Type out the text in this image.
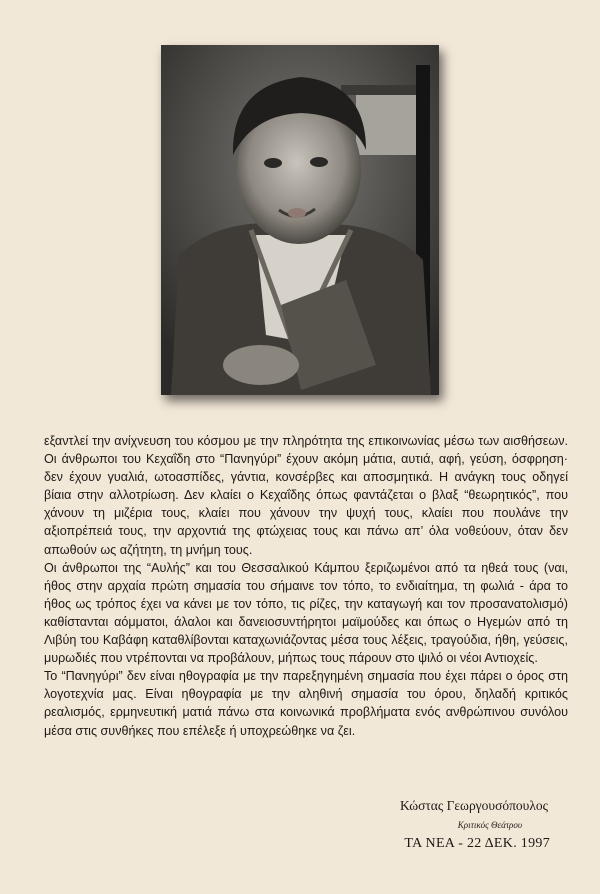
εξαντλεί την ανίχνευση του κόσμου με την πληρότητα της επικοινωνίας μέσω των αισθήσεων. Οι άνθρωποι του Κεχαΐδη στο “Πανηγύρι” έχουν ακόμη μάτια, αυτιά, αφή, γεύση, όσφρηση· δεν έχουν γυαλιά, ωτοασπίδες, γάντια, κονσέρβες και αποσμητικά. Η ανάγκη τους οδηγεί βίαια στην αλλοτρίωση. Δεν κλαίει ο Κεχαΐδης όπως φαντάζεται ο βλαξ “θεωρητικός”, που χάνουν τη μιζέρια τους, κλαίει που χάνουν την ψυχή τους, κλαίει που πουλάνε την αξιοπρέπειά τους, την αρχοντιά της φτώχειας τους και πάνω απ’ όλα νοθεύουν, όταν δεν απωθούν ως αζήτητη, τη μνήμη τους.

Οι άνθρωποι της “Αυλής” και του Θεσσαλικού Κάμπου ξεριζωμένοι από τα ηθεά τους (ναι, ήθος στην αρχαία πρώτη σημασία του σήμαινε τον τόπο, το ενδιαίτημα, τη φωλιά - άρα το ήθος ως τρόπος έχει να κάνει με τον τόπο, τις ρίζες, την καταγωγή και τον προσανατολισμό) καθίστανται αόμματοι, άλαλοι και δανειοσυντήρητοι μαϊμούδες και όπως ο Ηγεμών από τη Λιβύη του Καβάφη καταθλίβονται καταχωνιάζοντας μέσα τους λέξεις, τραγούδια, ήθη, γεύσεις, μυρωδιές που ντρέπονται να προβάλουν, μήπως τους πάρουν στο ψιλό οι νέοι Αντιοχείς.

Το “Πανηγύρι” δεν είναι ηθογραφία με την παρεξηγημένη σημασία που έχει πάρει ο όρος στη λογοτεχνία μας. Είναι ηθογραφία με την αληθινή σημασία του όρου, δηλαδή κριτικός ρεαλισμός, ερμηνευτική ματιά πάνω στα κοινωνικά προβλήματα ενός ανθρώπινου συνόλου μέσα στις συνθήκες που επέλεξε ή υποχρεώθηκε να ζει.

Κώστας Γεωργουσόπουλος
Κριτικός Θεάτρου
ΤΑ ΝΕΑ - 22 ΔΕΚ. 1997
